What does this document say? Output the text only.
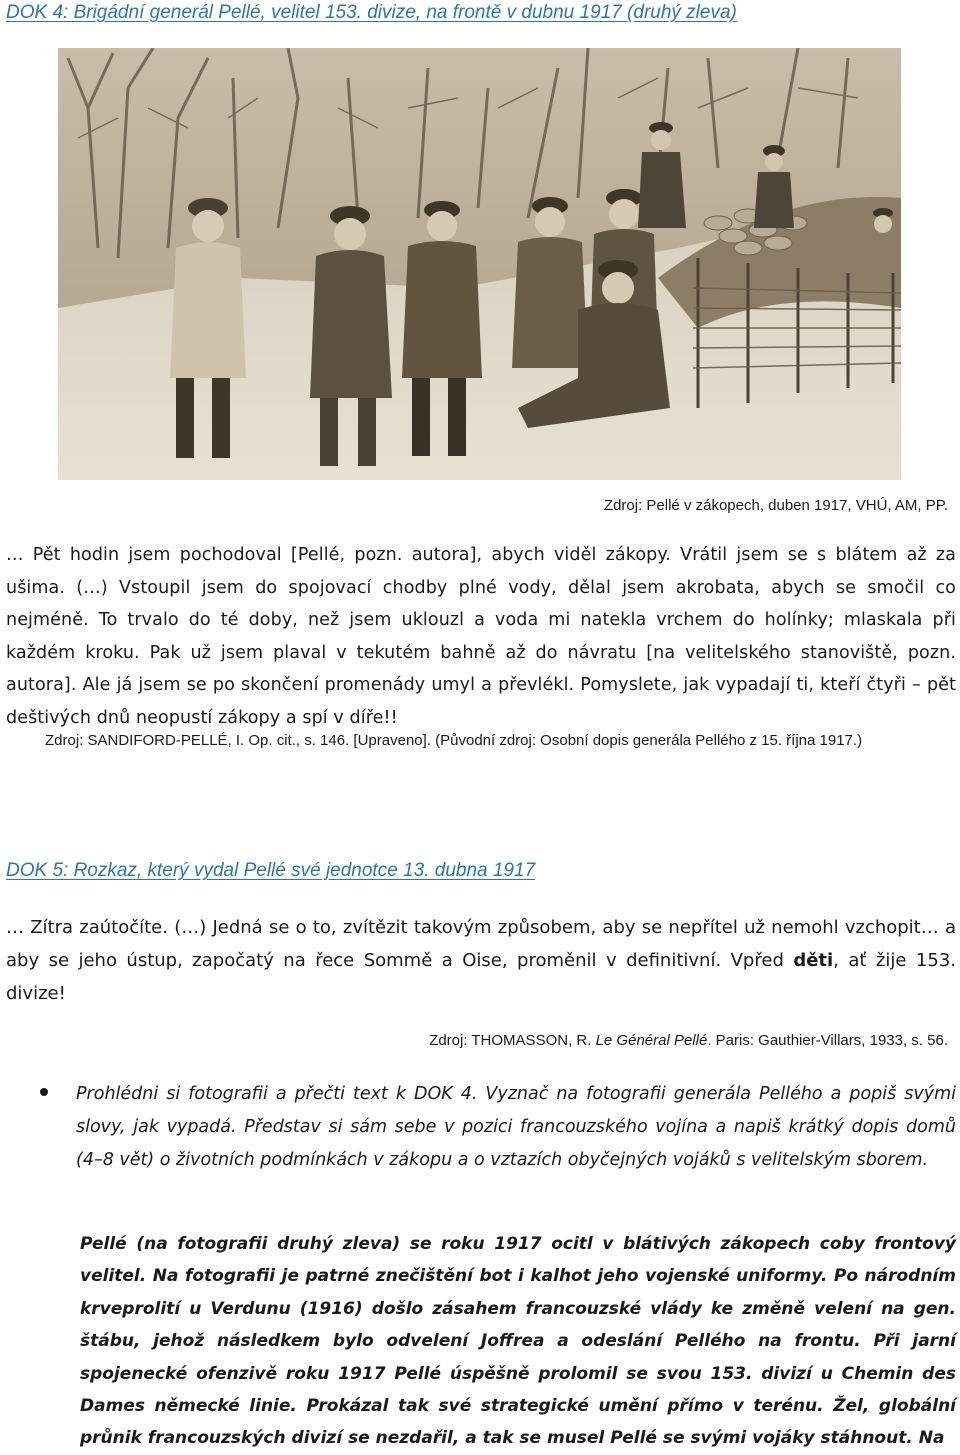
DOK 4: Brigádní generál Pellé, velitel 153. divize, na frontě v dubnu 1917 (druhý zleva)
Zdroj: Pellé v zákopech, duben 1917, VHÚ, AM, PP.
… Pět hodin jsem pochodoval [Pellé, pozn. autora], abych viděl zákopy. Vrátil jsem se s blátem až za ušima. (…) Vstoupil jsem do spojovací chodby plné vody, dělal jsem akrobata, abych se smočil co nejméně. To trvalo do té doby, než jsem uklouzl a voda mi natekla vrchem do holínky; mlaskala při každém kroku. Pak už jsem plaval v tekutém bahně až do návratu [na velitelského stanoviště, pozn. autora]. Ale já jsem se po skončení promenády umyl a převlékl. Pomyslete, jak vypadají ti, kteří čtyři – pět deštivých dnů neopustí zákopy a spí v díře!!
Zdroj: SANDIFORD-PELLÉ, I. Op. cit., s. 146. [Upraveno]. (Původní zdroj: Osobní dopis generála Pellého z 15. října 1917.)
DOK 5: Rozkaz, který vydal Pellé své jednotce 13. dubna 1917
… Zítra zaútočíte. (…) Jedná se o to, zvítězit takovým způsobem, aby se nepřítel už nemohl vzchopit… a aby se jeho ústup, započatý na řece Sommě a Oise, proměnil v definitivní. Vpřed děti, ať žije 153. divize!
Zdroj: THOMASSON, R. Le Général Pellé. Paris: Gauthier-Villars, 1933, s. 56.
Prohlédni si fotografii a přečti text k DOK 4. Vyznač na fotografii generála Pellého a popiš svými slovy, jak vypadá. Představ si sám sebe v pozici francouzského vojína a napiš krátký dopis domů (4–8 vět) o životních podmínkách v zákopu a o vztazích obyčejných vojáků s velitelským sborem.
Pellé (na fotografii druhý zleva) se roku 1917 ocitl v blátivých zákopech coby frontový velitel. Na fotografii je patrné znečištění bot i kalhot jeho vojenské uniformy. Po národním krveprolití u Verdunu (1916) došlo zásahem francouzské vlády ke změně velení na gen. štábu, jehož následkem bylo odvelení Joffrea a odeslání Pellého na frontu. Při jarní spojenecké ofenzivě roku 1917 Pellé úspěšně prolomil se svou 153. divizí u Chemin des Dames německé linie. Prokázal tak své strategické umění přímo v terénu. Žel, globální průnik francouzských divizí se nezdařil, a tak se musel Pellé se svými vojáky stáhnout. Na
